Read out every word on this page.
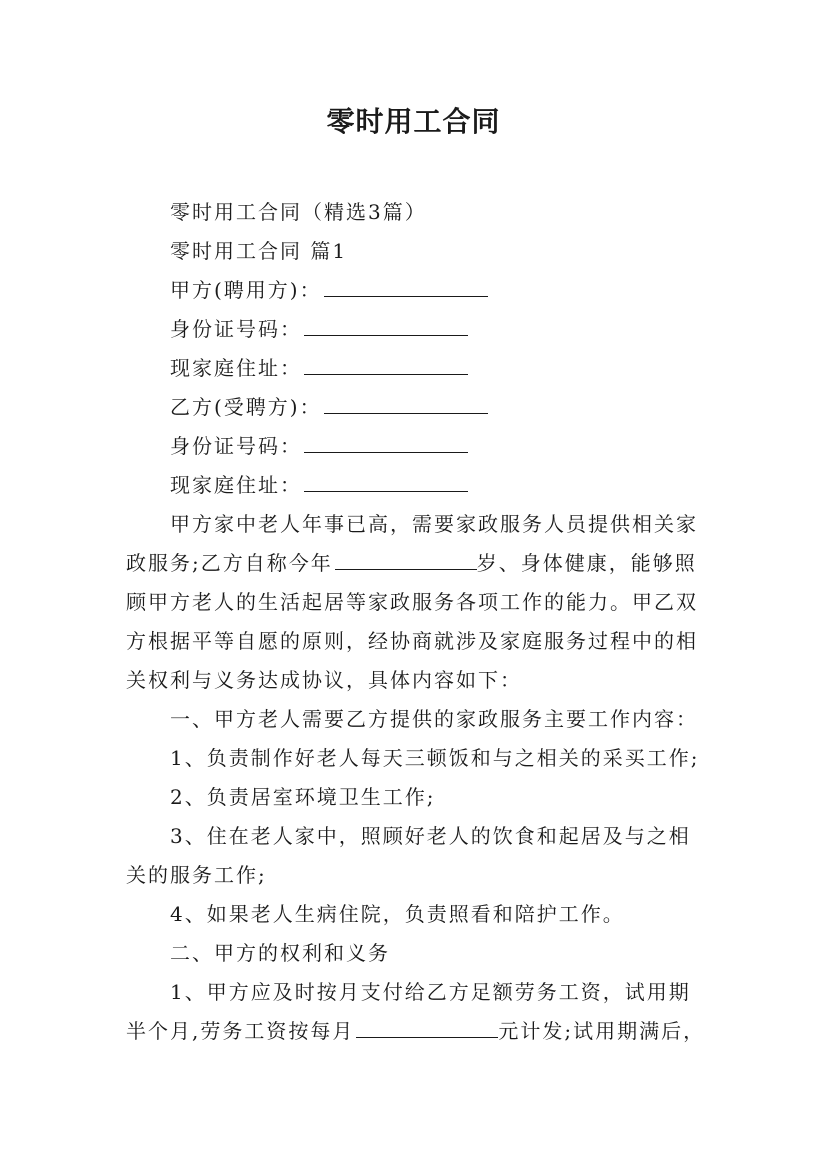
零时用工合同
零时用工合同（精选3篇）
零时用工合同 篇1
甲方(聘用方)：
身份证号码：
现家庭住址：
乙方(受聘方)：
身份证号码：
现家庭住址：
甲方家中老人年事已高，需要家政服务人员提供相关家
政服务;乙方自称今年	岁、身体健康，能够照
顾甲方老人的生活起居等家政服务各项工作的能力。甲乙双
方根据平等自愿的原则，经协商就涉及家庭服务过程中的相
关权利与义务达成协议，具体内容如下：
一、甲方老人需要乙方提供的家政服务主要工作内容：
1、负责制作好老人每天三顿饭和与之相关的采买工作;
2、负责居室环境卫生工作;
3、住在老人家中，照顾好老人的饮食和起居及与之相
关的服务工作;
4、如果老人生病住院，负责照看和陪护工作。
二、甲方的权利和义务
1、甲方应及时按月支付给乙方足额劳务工资，试用期
半个月,劳务工资按每月	元计发;试用期满后，
